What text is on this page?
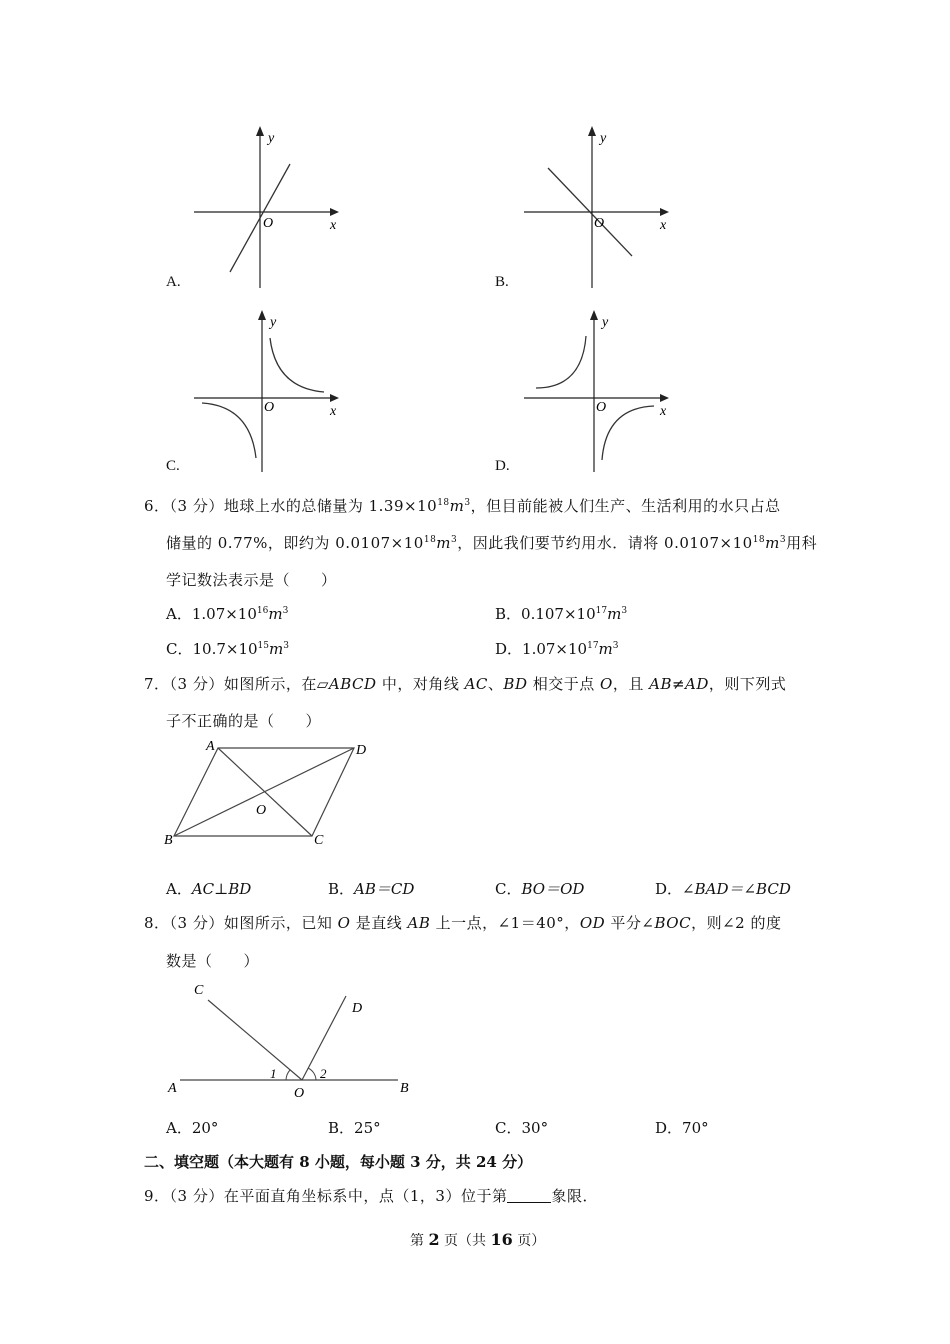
y
O	x
A.
y
O	x
B.
y
O	x
C.
y
O	x
D.
6．（3 分）地球上水的总储量为 $1.39\times 10^{18}m^3$，但目前能被人们生产、生活利用的水只占总
储量的 0.77%，即约为 $0.0107\times 10^{18}m^3$，因此我们要节约用水．请将 $0.0107\times 10^{18}m^3$用科
学记数法表示是（　　）
A．$1.07\times 10^{16}m^3$	B．$0.107\times 10^{17}m^3$
C．$10.7\times 10^{15}m^3$	D．$1.07\times 10^{17}m^3$
7．（3 分）如图所示，在▱ABCD 中，对角线 AC、BD 相交于点 O，且 AB≠AD，则下列式
子不正确的是（　　）
A	D
B	C
O
A．AC⊥BD	B．AB＝CD	C．BO＝OD	D．∠BAD＝∠BCD
8．（3 分）如图所示，已知 O 是直线 AB 上一点，∠1＝40°，OD 平分∠BOC，则∠2 的度
数是（　　）
C
D
A	B
O
1	2
A．20°	B．25°	C．30°	D．70°
二、填空题（本大题有 8 小题，每小题 3 分，共 24 分）
9．（3 分）在平面直角坐标系中，点（1，3）位于第	象限．
第 2 页（共 16 页）
